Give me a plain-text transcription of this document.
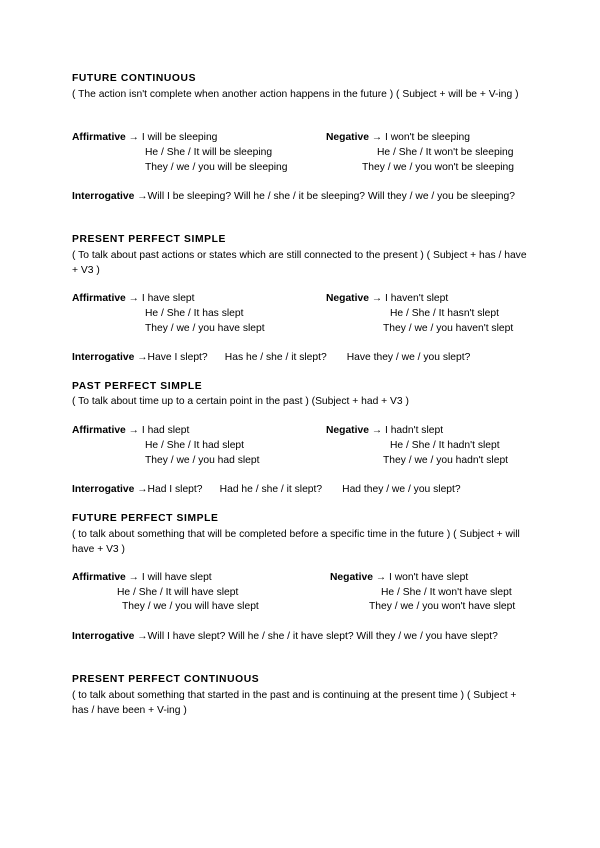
FUTURE CONTINUOUS
( The action isn't complete when another action happens in the future ) ( Subject + will be + V-ing )
Affirmative → I will be sleeping
He / She / It will be sleeping
They / we / you will be sleeping
Negative → I won't be sleeping
He / She / It won't be sleeping
They / we / you won't be sleeping
Interrogative →Will I be sleeping? Will he / she / it be sleeping? Will they / we / you be sleeping?
PRESENT PERFECT SIMPLE
( To talk about past actions or states which are still connected to the present ) ( Subject + has / have + V3 )
Affirmative → I have slept
He / She / It has slept
They / we / you have slept
Negative → I haven't slept
He / She / It hasn't slept
They / we / you haven't slept
Interrogative →Have I slept?      Has he / she / it slept?       Have they / we / you slept?
PAST PERFECT SIMPLE
( To talk about time up to a certain point in the past ) (Subject + had + V3 )
Affirmative → I had slept
He / She / It had slept
They / we / you had slept
Negative → I hadn't slept
He / She / It hadn't slept
They / we / you hadn't slept
Interrogative →Had I slept?      Had he / she / it slept?       Had they / we / you slept?
FUTURE PERFECT SIMPLE
( to talk about something that will be completed before a specific time in the future ) ( Subject + will have + V3 )
Affirmative → I will have slept
He / She / It will have slept
They / we / you will have slept
Negative → I won't have slept
He / She / It won't have slept
They / we / you won't have slept
Interrogative →Will I have slept? Will he / she / it have slept? Will they / we / you have slept?
PRESENT PERFECT CONTINUOUS
( to talk about something that started in the past and is continuing at the present time ) ( Subject + has / have been + V-ing )
